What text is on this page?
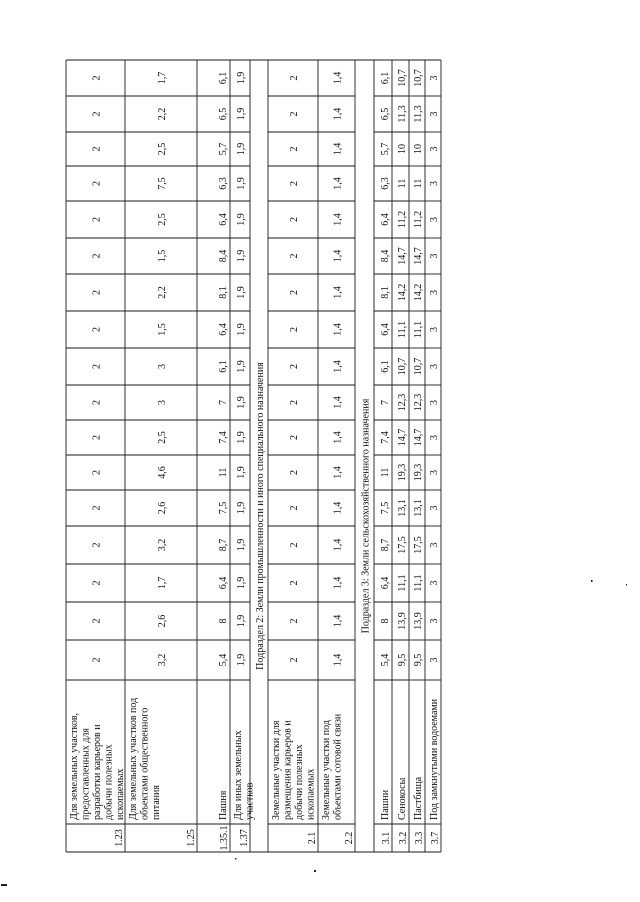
1.23
Для земельных участков, предоставленных для разработки карьеров и добычи полезных ископаемых
2
2
2
2
2
2
2
2
2
2
2
2
2
2
2
2
2
1.25
Для земельных участков под объектами общественного питания
3,2
2,6
1,7
3,2
2,6
4,6
2,5
3
3
1,5
2,2
1,5
2,5
7,5
2,5
2,2
1,7
1.35.1
Пашня
5,4
8
6,4
8,7
7,5
11
7,4
7
6,1
6,4
8,1
8,4
6,4
6,3
5,7
6,5
6,1
1.37
Для иных земельных участков
1,9
1,9
1,9
1,9
1,9
1,9
1,9
1,9
1,9
1,9
1,9
1,9
1,9
1,9
1,9
1,9
1,9
Подраздел 2: Земли промышленности и иного специального назначения
2.1
Земельные участки для размещения карьеров и добычи полезных ископаемых
2
2
2
2
2
2
2
2
2
2
2
2
2
2
2
2
2
2.2
Земельные участки под объектами сотовой связи
1,4
1,4
1,4
1,4
1,4
1,4
1,4
1,4
1,4
1,4
1,4
1,4
1,4
1,4
1,4
1,4
1,4
Подраздел 3: Земли сельскохозяйственного назначения
3.1
Пашни
5,4
8
6,4
8,7
7,5
11
7,4
7
6,1
6,4
8,1
8,4
6,4
6,3
5,7
6,5
6,1
3.2
Сенокосы
9,5
13,9
11,1
17,5
13,1
19,3
14,7
12,3
10,7
11,1
14,2
14,7
11,2
11
10
11,3
10,7
3.3
Пастбища
9,5
13,9
11,1
17,5
13,1
19,3
14,7
12,3
10,7
11,1
14,2
14,7
11,2
11
10
11,3
10,7
3.7
Под замкнутыми водоемами
3
3
3
3
3
3
3
3
3
3
3
3
3
3
3
3
3
